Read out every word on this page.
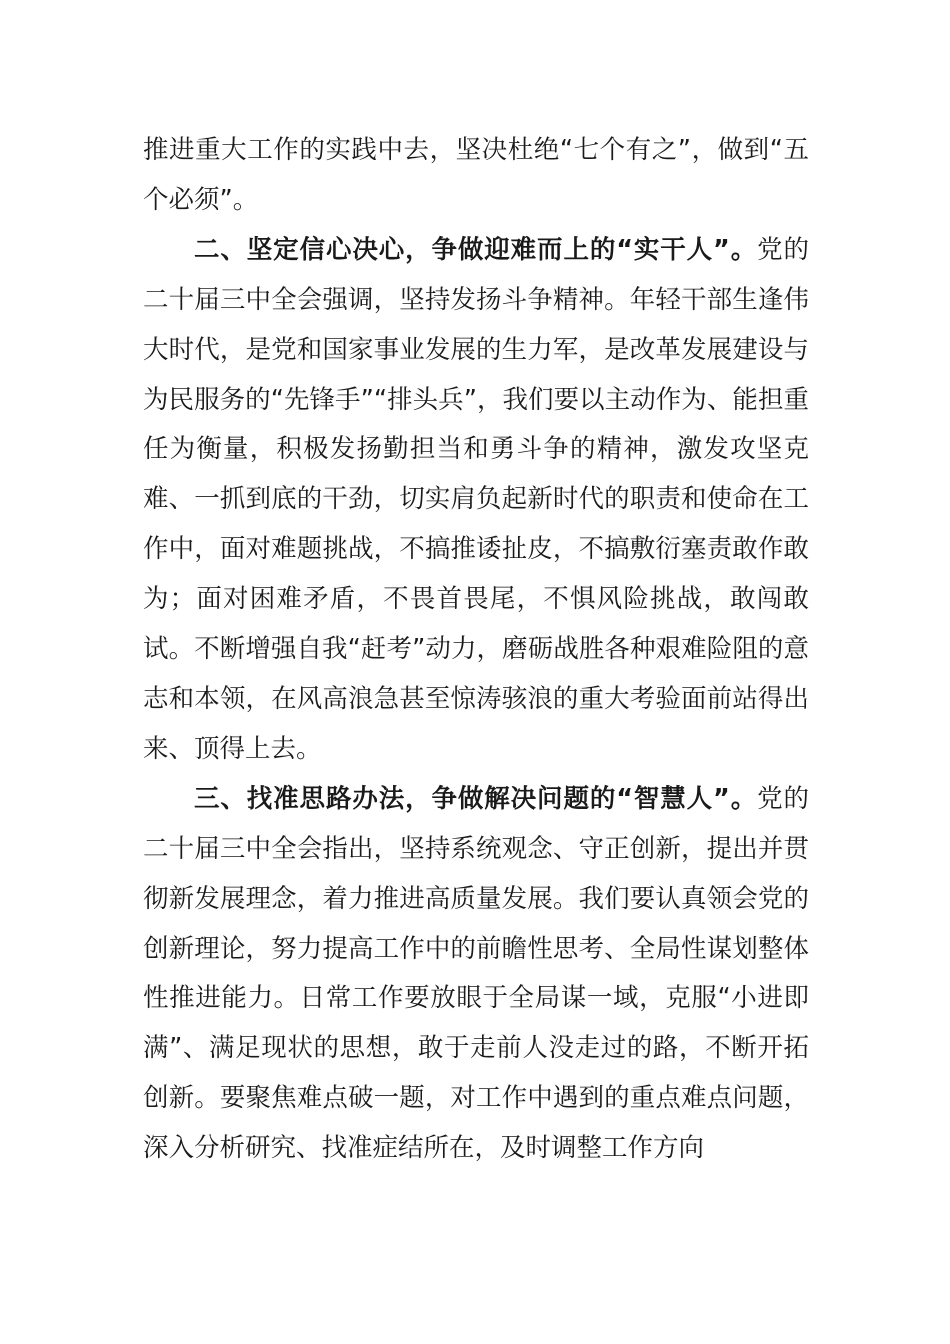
推进重大工作的实践中去，坚决杜绝“七个有之”，做到“五个必须”。

二、坚定信心决心，争做迎难而上的“实干人”。党的二十届三中全会强调，坚持发扬斗争精神。年轻干部生逢伟大时代，是党和国家事业发展的生力军，是改革发展建设与为民服务的“先锋手”“排头兵”，我们要以主动作为、能担重任为衡量，积极发扬勤担当和勇斗争的精神，激发攻坚克难、一抓到底的干劲，切实肩负起新时代的职责和使命在工作中，面对难题挑战，不搞推诿扯皮，不搞敷衍塞责敢作敢为；面对困难矛盾，不畏首畏尾，不惧风险挑战，敢闯敢试。不断增强自我“赶考”动力，磨砺战胜各种艰难险阻的意志和本领，在风高浪急甚至惊涛骇浪的重大考验面前站得出来、顶得上去。

三、找准思路办法，争做解决问题的“智慧人”。党的二十届三中全会指出，坚持系统观念、守正创新，提出并贯彻新发展理念，着力推进高质量发展。我们要认真领会党的创新理论，努力提高工作中的前瞻性思考、全局性谋划整体性推进能力。日常工作要放眼于全局谋一域，克服“小进即满”、满足现状的思想，敢于走前人没走过的路，不断开拓创新。要聚焦难点破一题，对工作中遇到的重点难点问题，深入分析研究、找准症结所在，及时调整工作方向
